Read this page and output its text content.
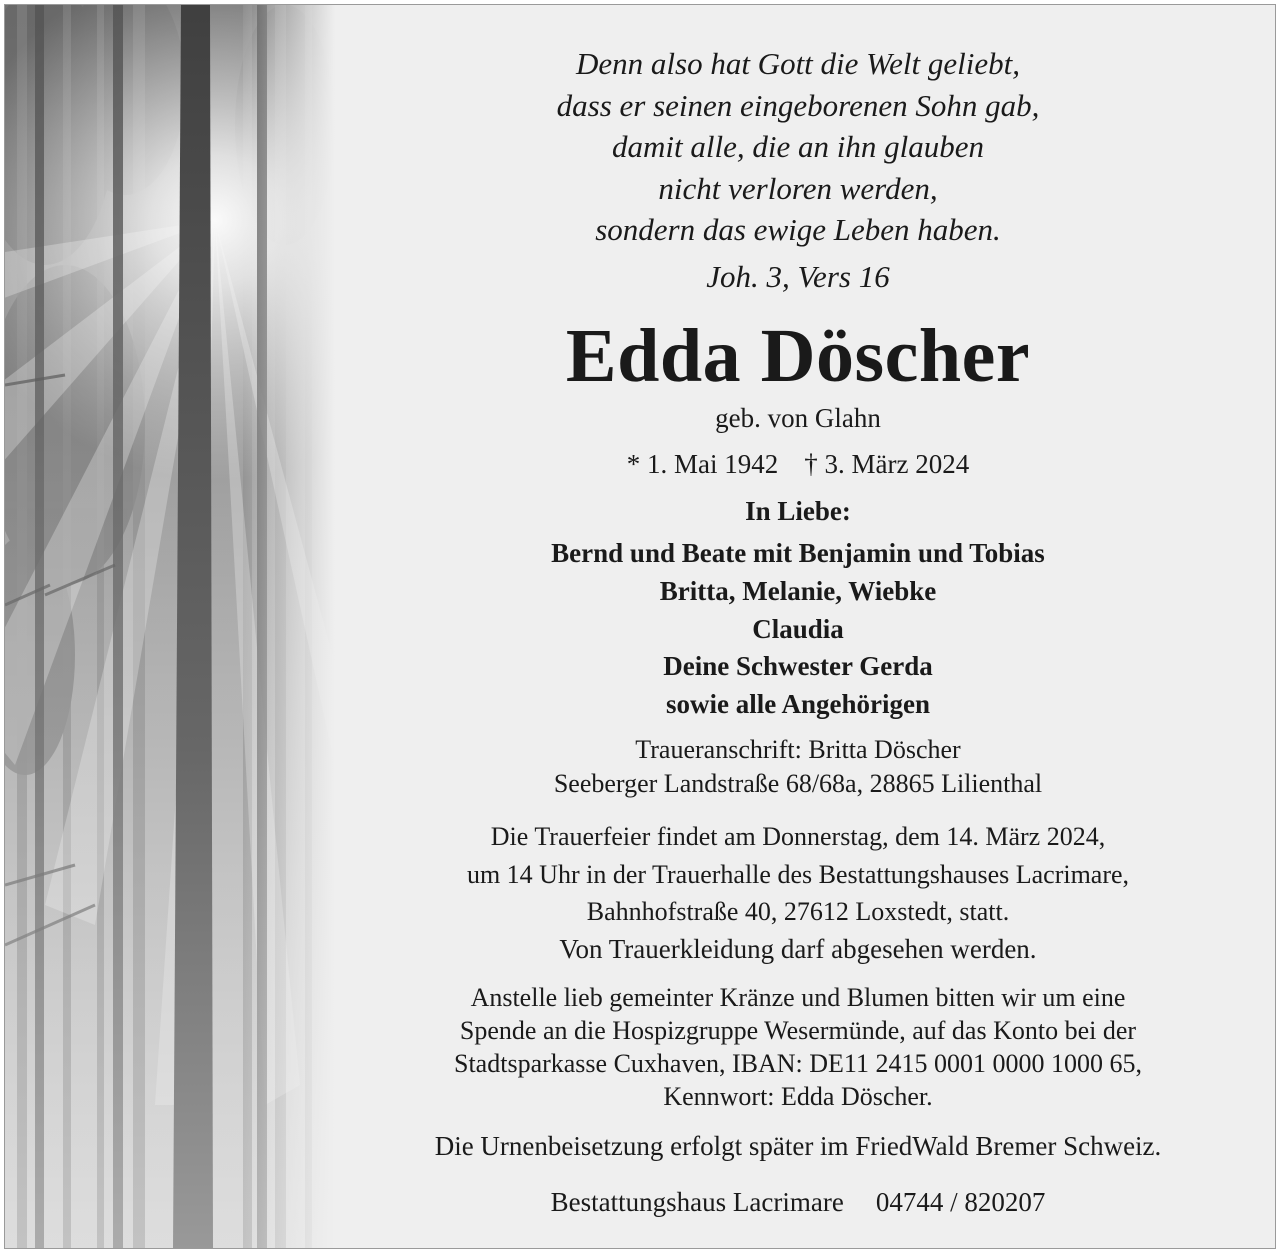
Denn also hat Gott die Welt geliebt,
dass er seinen eingeborenen Sohn gab,
damit alle, die an ihn glauben
nicht verloren werden,
sondern das ewige Leben haben.
Joh. 3, Vers 16
Edda Döscher
geb. von Glahn
* 1. Mai 1942 † 3. März 2024
In Liebe:
Bernd und Beate mit Benjamin und Tobias
Britta, Melanie, Wiebke
Claudia
Deine Schwester Gerda
sowie alle Angehörigen
Traueranschrift: Britta Döscher
Seeberger Landstraße 68/68a, 28865 Lilienthal
Die Trauerfeier findet am Donnerstag, dem 14. März 2024,
um 14 Uhr in der Trauerhalle des Bestattungshauses Lacrimare,
Bahnhofstraße 40, 27612 Loxstedt, statt.
Von Trauerkleidung darf abgesehen werden.
Anstelle lieb gemeinter Kränze und Blumen bitten wir um eine
Spende an die Hospizgruppe Wesermünde, auf das Konto bei der
Stadtsparkasse Cuxhaven, IBAN: DE11 2415 0001 0000 1000 65,
Kennwort: Edda Döscher.
Die Urnenbeisetzung erfolgt später im FriedWald Bremer Schweiz.
Bestattungshaus Lacrimare 04744 / 820207
